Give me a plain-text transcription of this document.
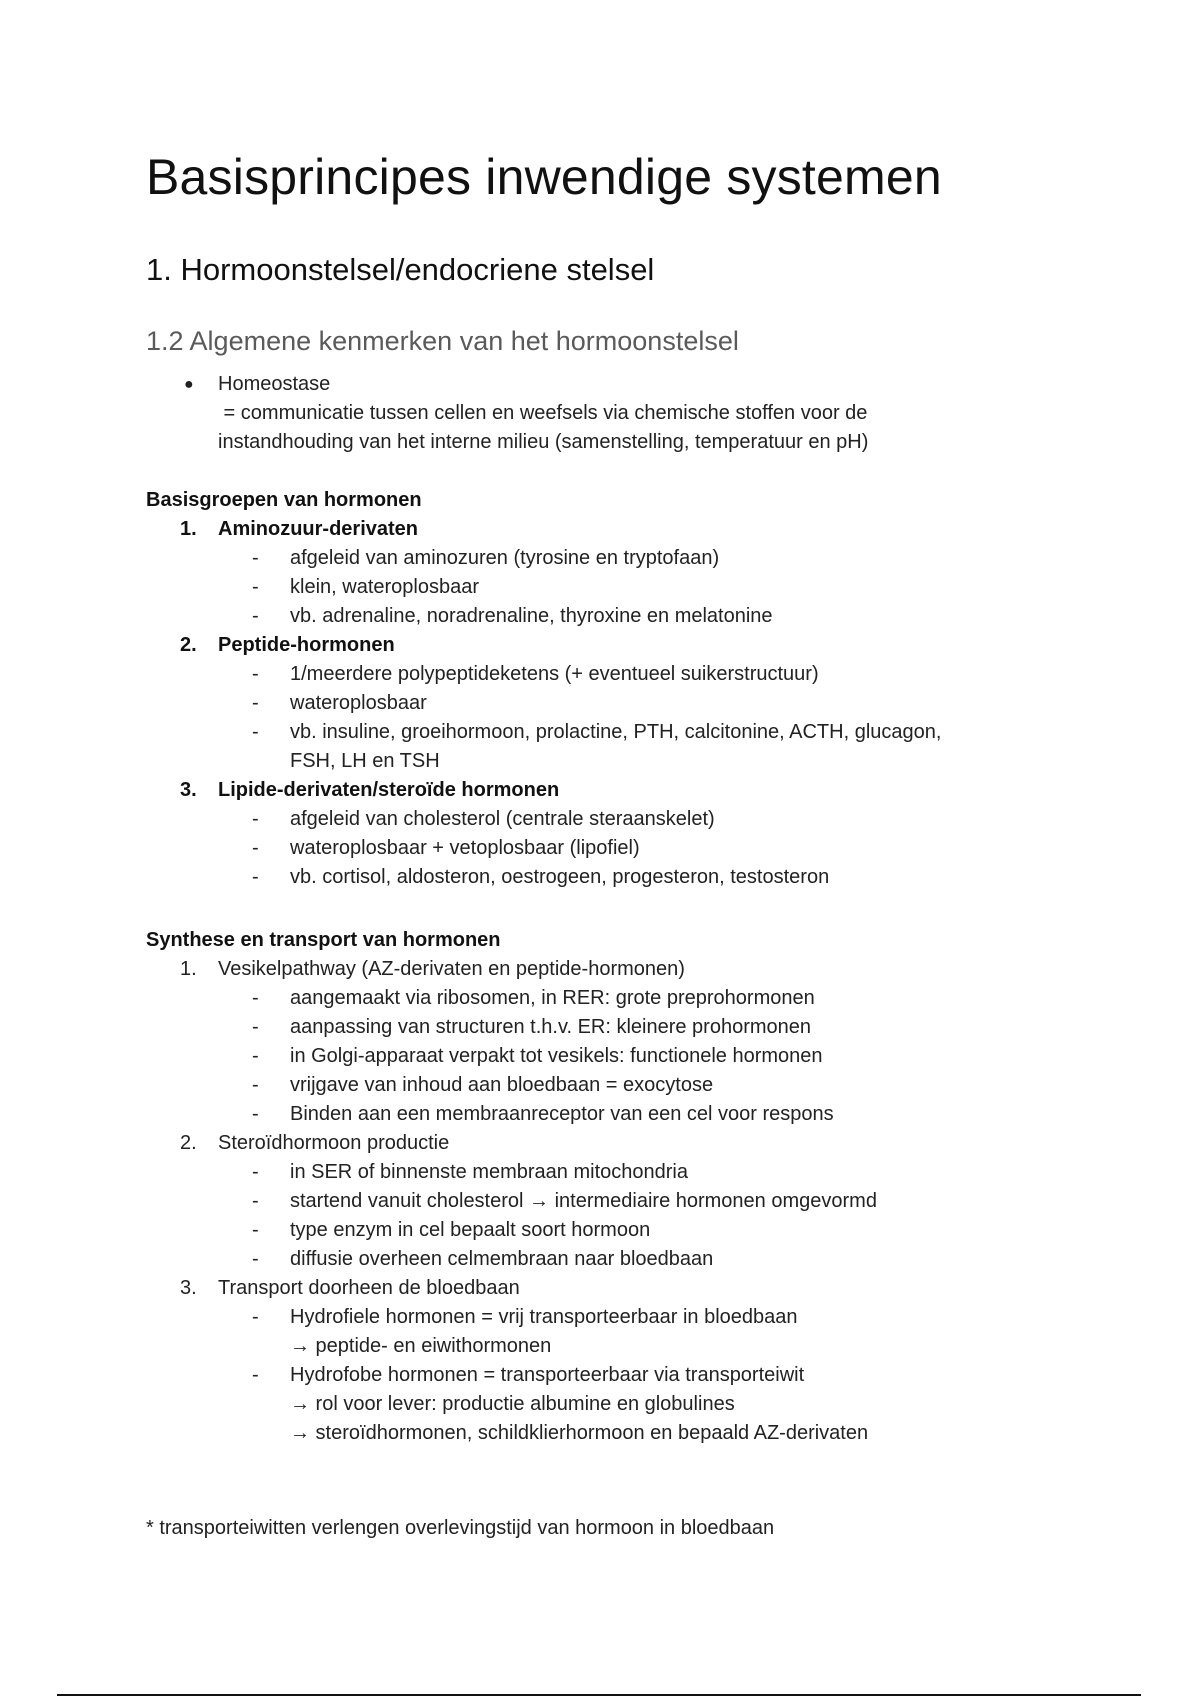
Basisprincipes inwendige systemen
1. Hormoonstelsel/endocriene stelsel
1.2 Algemene kenmerken van het hormoonstelsel
● Homeostase
= communicatie tussen cellen en weefsels via chemische stoffen voor de
instandhouding van het interne milieu (samenstelling, temperatuur en pH)
Basisgroepen van hormonen
1. Aminozuur-derivaten
- afgeleid van aminozuren (tyrosine en tryptofaan)
- klein, wateroplosbaar
- vb. adrenaline, noradrenaline, thyroxine en melatonine
2. Peptide-hormonen
- 1/meerdere polypeptideketens (+ eventueel suikerstructuur)
- wateroplosbaar
- vb. insuline, groeihormoon, prolactine, PTH, calcitonine, ACTH, glucagon,
FSH, LH en TSH
3. Lipide-derivaten/steroïde hormonen
- afgeleid van cholesterol (centrale steraanskelet)
- wateroplosbaar + vetoplosbaar (lipofiel)
- vb. cortisol, aldosteron, oestrogeen, progesteron, testosteron
Synthese en transport van hormonen
1. Vesikelpathway (AZ-derivaten en peptide-hormonen)
- aangemaakt via ribosomen, in RER: grote preprohormonen
- aanpassing van structuren t.h.v. ER: kleinere prohormonen
- in Golgi-apparaat verpakt tot vesikels: functionele hormonen
- vrijgave van inhoud aan bloedbaan = exocytose
- Binden aan een membraanreceptor van een cel voor respons
2. Steroïdhormoon productie
- in SER of binnenste membraan mitochondria
- startend vanuit cholesterol → intermediaire hormonen omgevormd
- type enzym in cel bepaalt soort hormoon
- diffusie overheen celmembraan naar bloedbaan
3. Transport doorheen de bloedbaan
- Hydrofiele hormonen = vrij transporteerbaar in bloedbaan
→ peptide- en eiwithormonen
- Hydrofobe hormonen = transporteerbaar via transporteiwit
→ rol voor lever: productie albumine en globulines
→ steroïdhormonen, schildklierhormoon en bepaald AZ-derivaten
* transporteiwitten verlengen overlevingstijd van hormoon in bloedbaan
